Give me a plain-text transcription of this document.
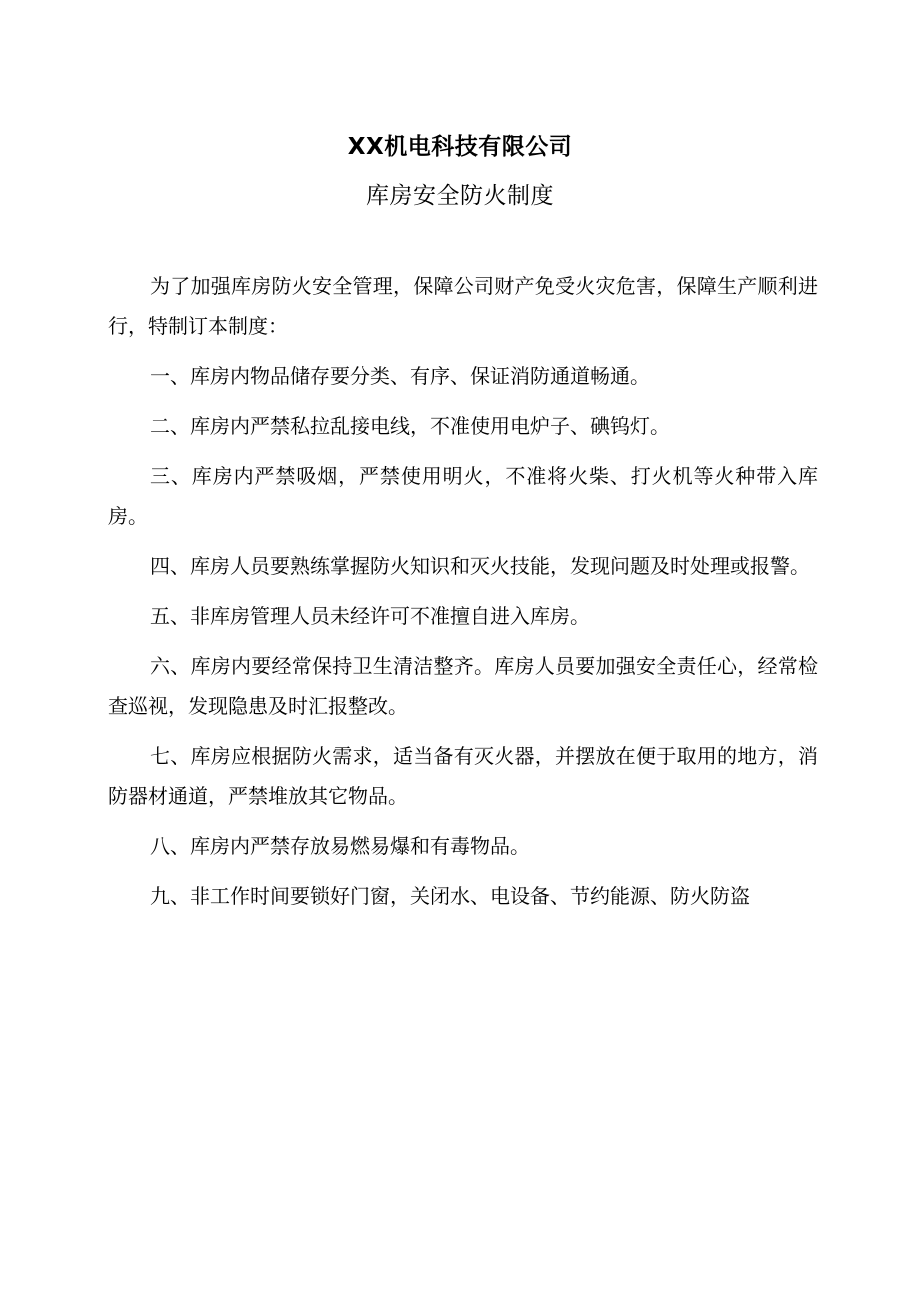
XX机电科技有限公司
库房安全防火制度

为了加强库房防火安全管理，保障公司财产免受火灾危害，保障生产顺利进行，特制订本制度：

一、库房内物品储存要分类、有序、保证消防通道畅通。

二、库房内严禁私拉乱接电线，不准使用电炉子、碘钨灯。

三、库房内严禁吸烟，严禁使用明火，不准将火柴、打火机等火种带入库房。

四、库房人员要熟练掌握防火知识和灭火技能，发现问题及时处理或报警。

五、非库房管理人员未经许可不准擅自进入库房。

六、库房内要经常保持卫生清洁整齐。库房人员要加强安全责任心，经常检查巡视，发现隐患及时汇报整改。

七、库房应根据防火需求，适当备有灭火器，并摆放在便于取用的地方，消防器材通道，严禁堆放其它物品。

八、库房内严禁存放易燃易爆和有毒物品。

九、非工作时间要锁好门窗，关闭水、电设备、节约能源、防火防盗
